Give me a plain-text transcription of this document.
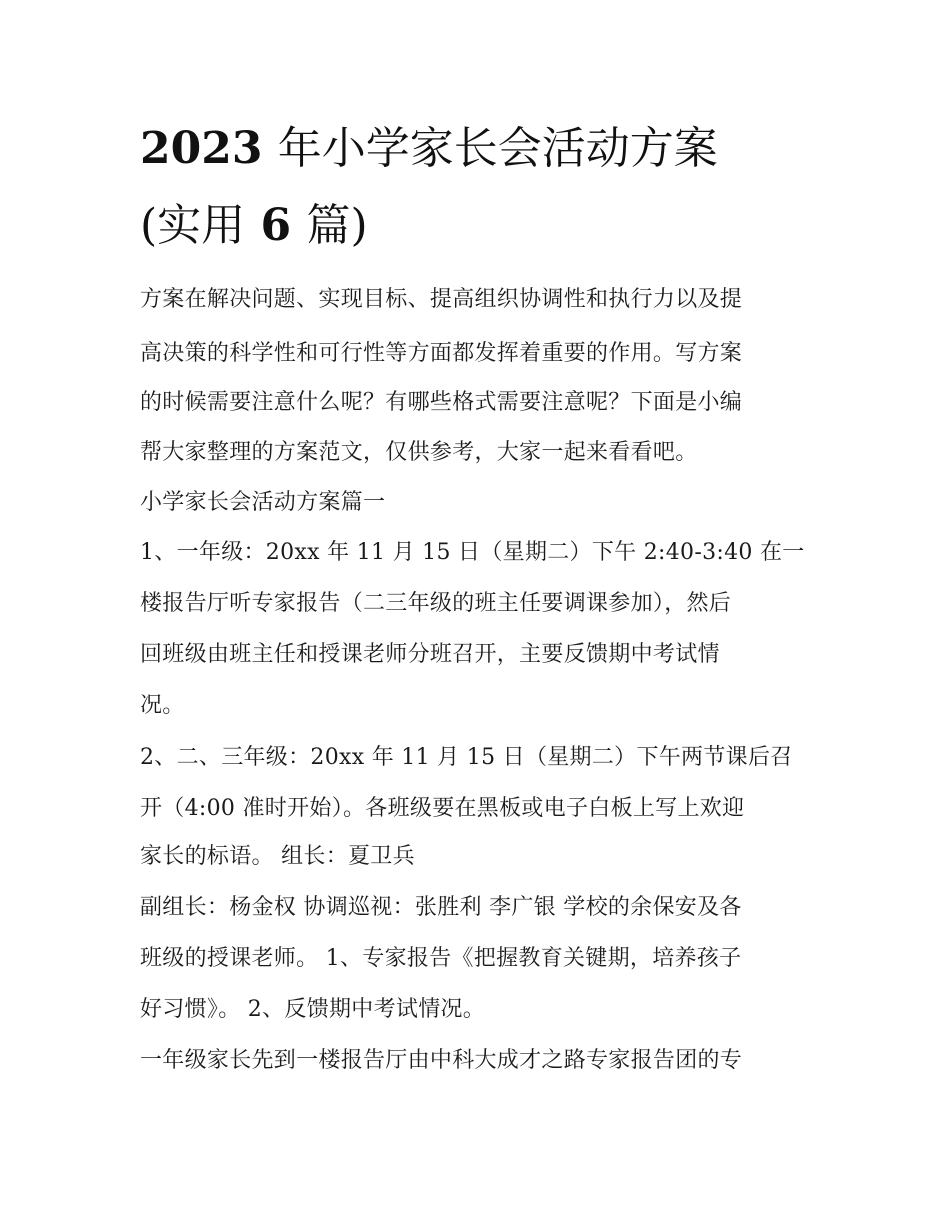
2023 年小学家长会活动方案
(实用 6 篇)
方案在解决问题、实现目标、提高组织协调性和执行力以及提
高决策的科学性和可行性等方面都发挥着重要的作用。写方案
的时候需要注意什么呢？有哪些格式需要注意呢？下面是小编
帮大家整理的方案范文，仅供参考，大家一起来看看吧。
小学家长会活动方案篇一
1、一年级：20xx 年 11 月 15 日（星期二）下午 2:40-3:40 在一
楼报告厅听专家报告（二三年级的班主任要调课参加），然后
回班级由班主任和授课老师分班召开，主要反馈期中考试情
况。
2、二、三年级：20xx 年 11 月 15 日（星期二）下午两节课后召
开（4:00 准时开始）。各班级要在黑板或电子白板上写上欢迎
家长的标语。 组长：夏卫兵
副组长：杨金权 协调巡视：张胜利 李广银 学校的余保安及各
班级的授课老师。 1、专家报告《把握教育关键期，培养孩子
好习惯》。 2、反馈期中考试情况。
一年级家长先到一楼报告厅由中科大成才之路专家报告团的专
